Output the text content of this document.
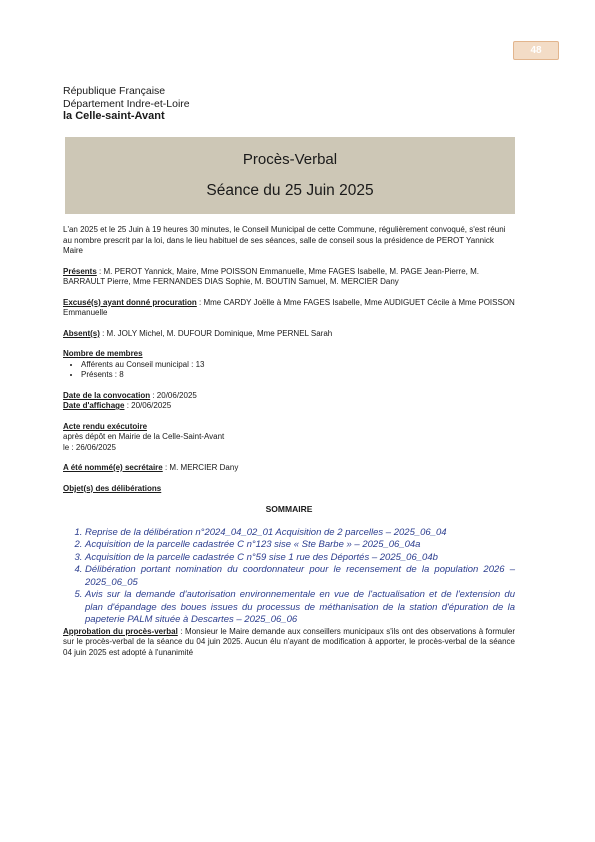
48
République Française
Département Indre-et-Loire
la Celle-saint-Avant
Procès-Verbal
Séance du 25 Juin 2025

L'an 2025 et le 25 Juin à 19 heures 30 minutes, le Conseil Municipal de cette Commune, régulièrement convoqué, s'est réuni au nombre prescrit par la loi, dans le lieu habituel de ses séances, salle de conseil sous la présidence de PEROT Yannick Maire

Présents : M. PEROT Yannick, Maire, Mme POISSON Emmanuelle, Mme FAGES Isabelle, M. PAGE Jean-Pierre, M. BARRAULT Pierre, Mme FERNANDES DIAS Sophie, M. BOUTIN Samuel, M. MERCIER Dany

Excusé(s) ayant donné procuration : Mme CARDY Joëlle à Mme FAGES Isabelle, Mme AUDIGUET Cécile à Mme POISSON Emmanuelle

Absent(s) : M. JOLY Michel, M. DUFOUR Dominique, Mme PERNEL Sarah

Nombre de membres

• Afférents au Conseil municipal : 13
• Présents : 8

Date de la convocation : 20/06/2025

Date d'affichage : 20/06/2025

Acte rendu exécutoire

après dépôt en Mairie de la Celle-Saint-Avant

le : 26/06/2025

A été nommé(e) secrétaire : M. MERCIER Dany

Objet(s) des délibérations

SOMMAIRE
1. Reprise de la délibération n°2024_04_02_01 Acquisition de 2 parcelles – 2025_06_04
2. Acquisition de la parcelle cadastrée C n°123 sise « Ste Barbe » – 2025_06_04a
3. Acquisition de la parcelle cadastrée C n°59 sise 1 rue des Déportés – 2025_06_04b
4. Délibération portant nomination du coordonnateur pour le recensement de la population 2026 – 2025_06_05
5. Avis sur la demande d'autorisation environnementale en vue de l'actualisation et de l'extension du plan d'épandage des boues issues du processus de méthanisation de la station d'épuration de la papeterie PALM située à Descartes – 2025_06_06

Approbation du procès-verbal : Monsieur le Maire demande aux conseillers municipaux s'ils ont des observations à formuler sur le procès-verbal de la séance du 04 juin 2025. Aucun élu n'ayant de modification à apporter, le procès-verbal de la séance 04 juin 2025 est adopté à l'unanimité
